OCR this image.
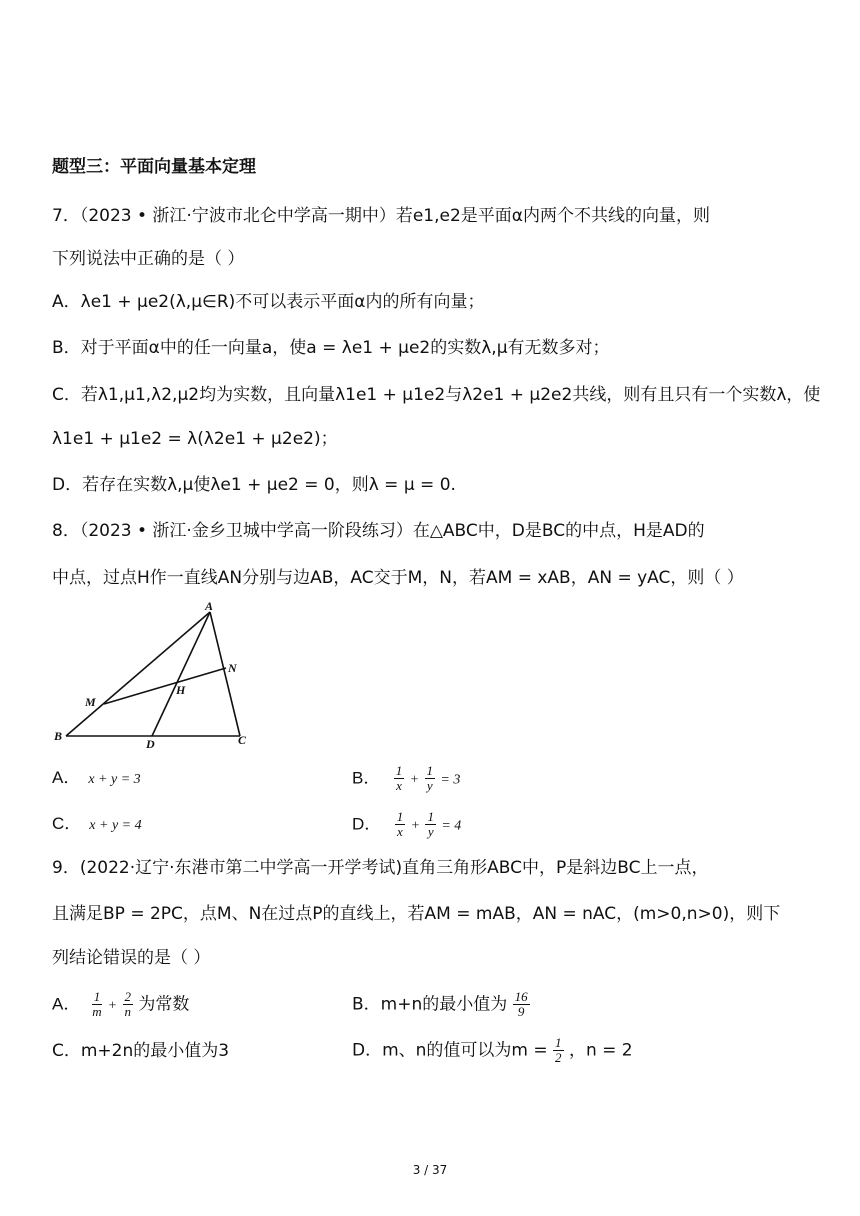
题型三：平面向量基本定理
7．（2023 • 浙江·宁波市北仑中学高一期中）若e1,e2是平面α内两个不共线的向量，则
下列说法中正确的是（ ）
A．λe1 + μe2(λ,μ∈R)不可以表示平面α内的所有向量；
B．对于平面α中的任一向量a，使a = λe1 + μe2的实数λ,μ有无数多对；
C．若λ1,μ1,λ2,μ2均为实数，且向量λ1e1 + μ1e2与λ2e1 + μ2e2共线，则有且只有一个实数λ，使
λ1e1 + μ1e2 = λ(λ2e1 + μ2e2)；
D．若存在实数λ,μ使λe1 + μe2 = 0，则λ = μ = 0.
8．（2023 • 浙江·金乡卫城中学高一阶段练习）在△ABC中，D是BC的中点，H是AD的
中点，过点H作一直线AN分别与边AB，AC交于M，N，若AM = xAB，AN = yAC，则（ ）
A
B	C
D
H
M
N
A． x + y = 3	B． $\frac{1}{x} + \frac{1}{y} = 3$
C． x + y = 4	D． $\frac{1}{x} + \frac{1}{y} = 4$
9．(2022·辽宁·东港市第二中学高一开学考试)直角三角形ABC中，P是斜边BC上一点，
且满足BP = 2PC，点M、N在过点P的直线上，若AM = mAB，AN = nAC，(m>0,n>0)，则下
列结论错误的是（ ）
A． $\frac{1}{m} + \frac{2}{n}$ 为常数	B．m+n的最小值为 $\frac{16}{9}$
C．m+2n的最小值为3	D．m、n的值可以为$m = \frac{1}{2}$ ，n = 2
3 / 37
